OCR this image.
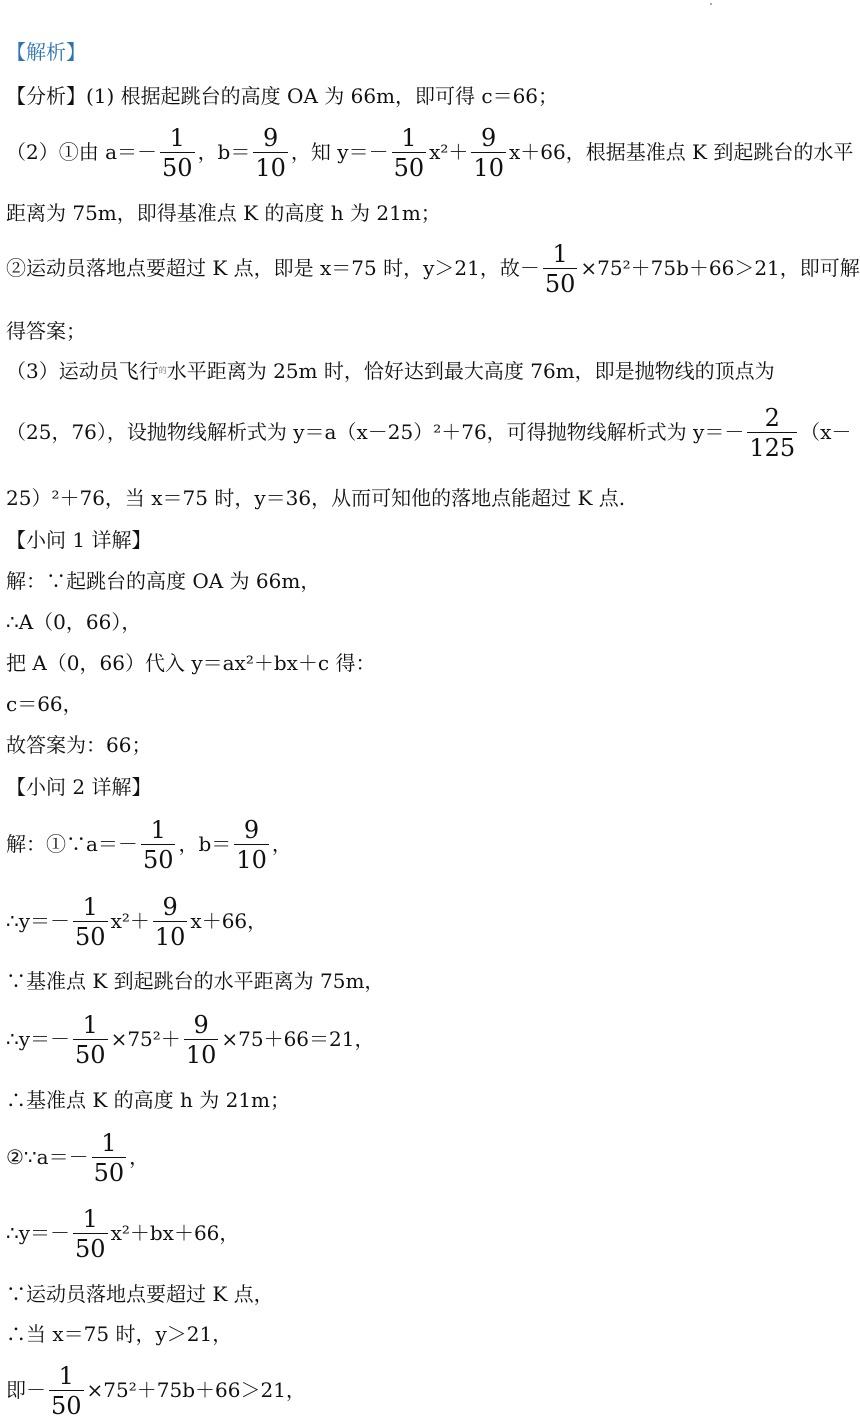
【解析】
【分析】(1) 根据起跳台的高度 OA 为 66m，即可得 c＝66；
（2）①由 $a=- \frac{1}{50}$ ，$b= \frac{9}{10}$ ，知 $y=- \frac{1}{50} x^2+ \frac{9}{10} x+66$，根据基准点 K 到起跳台的水平
距离为 75m，即得基准点 K 的高度 h 为 21m；
②运动员落地点要超过 K 点，即是 x＝75 时，y＞21，故－ $\frac{1}{50} \times 75^2+75b+66>21$，即可解
得答案；
（3）运动员飞行$^的$水平距离为 25m 时，恰好达到最大高度 76m，即是抛物线的顶点为
（25，76），设抛物线解析式为 y＝a（x－25）²＋76，可得抛物线解析式为 $y=- \frac{2}{125} (x-$
25）²＋76，当 x＝75 时，y＝36，从而可知他的落地点能超过 K 点.
【小问 1 详解】
解：∵起跳台的高度 OA 为 66m，
∴A（0，66），
把 A（0，66）代入 y＝ax²＋bx＋c 得：
c＝66，
故答案为：66；
【小问 2 详解】
解：①∵a＝－ $\frac{1}{50}$ ，$b= \frac{9}{10}$ ，
∴y＝－ $\frac{1}{50} x^2+ \frac{9}{10} x+66$，
∵基准点 K 到起跳台的水平距离为 75m，
∴y＝－ $\frac{1}{50} \times 75^2+ \frac{9}{10} \times 75+66=21$，
∴基准点 K 的高度 h 为 21m；
②∵a＝－ $\frac{1}{50}$ ，
∴y＝－ $\frac{1}{50} x^2+bx+66$，
∵运动员落地点要超过 K 点，
∴当 x＝75 时，y＞21，
即－ $\frac{1}{50} \times 75^2+75b+66>21$，
